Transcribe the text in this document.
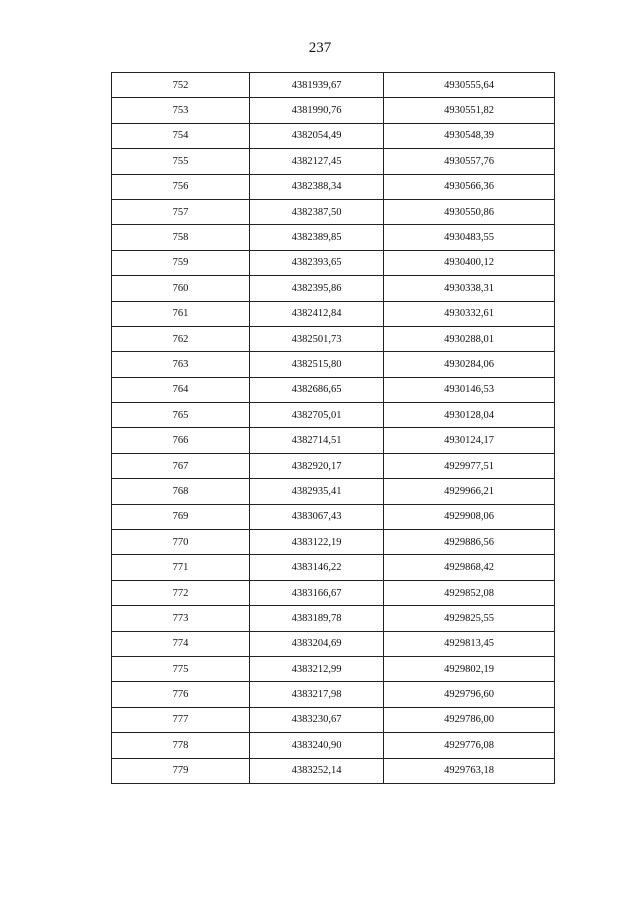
237
752	4381939,67	4930555,64
753	4381990,76	4930551,82
754	4382054,49	4930548,39
755	4382127,45	4930557,76
756	4382388,34	4930566,36
757	4382387,50	4930550,86
758	4382389,85	4930483,55
759	4382393,65	4930400,12
760	4382395,86	4930338,31
761	4382412,84	4930332,61
762	4382501,73	4930288,01
763	4382515,80	4930284,06
764	4382686,65	4930146,53
765	4382705,01	4930128,04
766	4382714,51	4930124,17
767	4382920,17	4929977,51
768	4382935,41	4929966,21
769	4383067,43	4929908,06
770	4383122,19	4929886,56
771	4383146,22	4929868,42
772	4383166,67	4929852,08
773	4383189,78	4929825,55
774	4383204,69	4929813,45
775	4383212,99	4929802,19
776	4383217,98	4929796,60
777	4383230,67	4929786,00
778	4383240,90	4929776,08
779	4383252,14	4929763,18
